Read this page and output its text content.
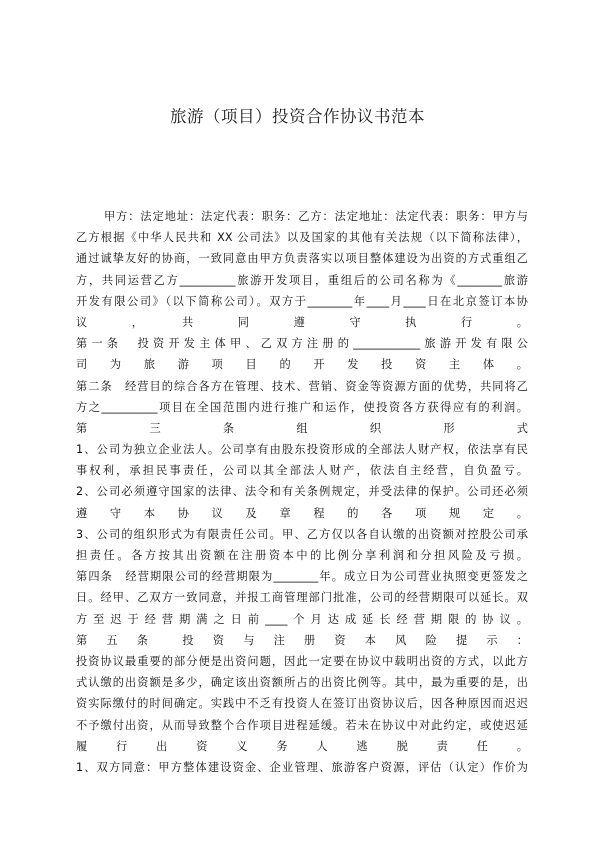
旅游（项目）投资合作协议书范本
甲方：法定地址：法定代表：职务：乙方：法定地址：法定代表：职务：甲方与
乙方根据《中华人民共和 XX 公司法》以及国家的其他有关法规（以下简称法律），
通过诚挚友好的协商，一致同意由甲方负责落实以项目整体建设为出资的方式重组乙
方，共同运营乙方__________旅游开发项目，重组后的公司名称为《________旅游
开发有限公司》（以下简称公司）。双方于________年____月____日在北京签订本协
议　　，　　共　　同　　遵　　守　　执　　行　　。
第一条　投资开发主体甲、乙双方注册的____________旅游开发有限公
司　为　旅　游　项　目　的　开　发　投　资　主　体　。
第二条　经营目的综合各方在管理、技术、营销、资金等资源方面的优势，共同将乙
方之__________项目在全国范围内进行推广和运作，使投资各方获得应有的利润。
第　　三　　条　　组　　织　　形　　式
1、公司为独立企业法人。公司享有由股东投资形成的全部法人财产权，依法享有民
事权利，承担民事责任，公司以其全部法人财产，依法自主经营，自负盈亏。
2、公司必须遵守国家的法律、法令和有关条例规定，并受法律的保护。公司还必须
遵　守　本　协　议　及　章　程　的　各　项　规　定　。
3、公司的组织形式为有限责任公司。甲、乙方仅以各自认缴的出资额对控股公司承
担责任。各方按其出资额在注册资本中的比例分享利润和分担风险及亏损。
第四条　经营期限公司的经营期限为________年。成立日为公司营业执照变更签发之
日。经甲、乙双方一致同意，并报工商管理部门批准，公司的经营期限可以延长。双
方至迟于经营期满之日前____个月达成延长经营期限的协议。
第　五　条　　投　资　与　注　册　资　本　风　险　提　示　：
投资协议最重要的部分便是出资问题，因此一定要在协议中载明出资的方式，以此方
式认缴的出资额是多少，确定该出资额所占的出资比例等。其中，最为重要的是，出
资实际缴付的时间确定。实践中不乏有投资人在签订出资协议后，因各种原因而迟迟
不予缴付出资，从而导致整个合作项目进程延缓。若未在协议中对此约定，或使迟延
履　　行　　出　　资　　义　　务　　人　　逃　　脱　　责　　任　　。
1、双方同意：甲方整体建设资金、企业管理、旅游客户资源，评估（认定）作价为
